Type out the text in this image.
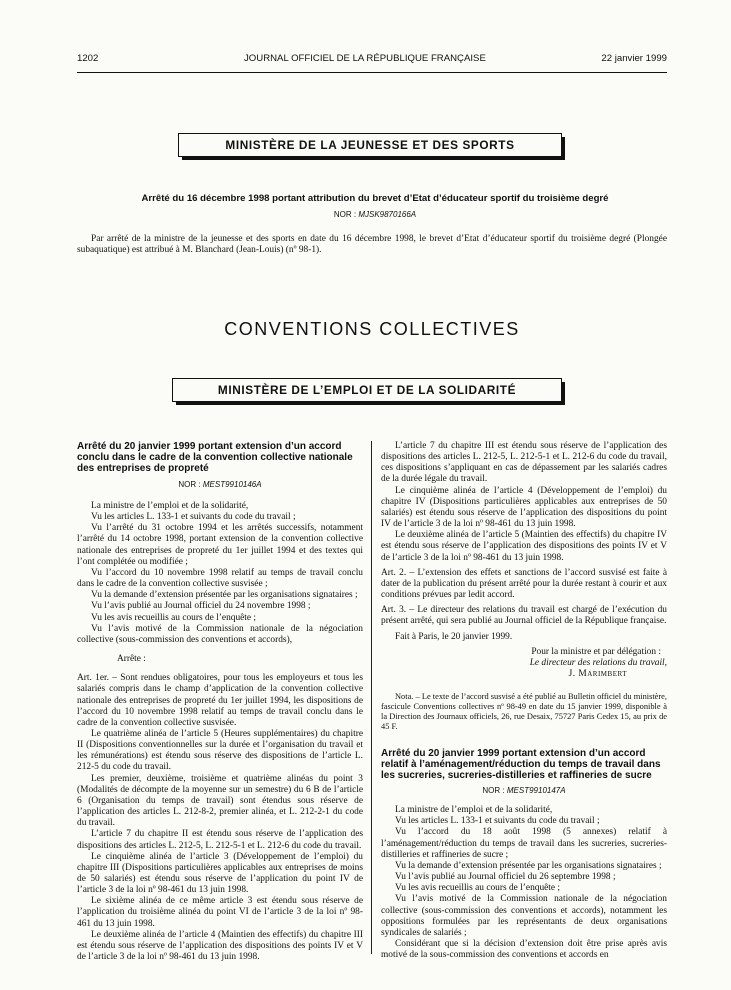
1202	JOURNAL OFFICIEL DE LA RÉPUBLIQUE FRANÇAISE	22 janvier 1999
MINISTÈRE DE LA JEUNESSE ET DES SPORTS
Arrêté du 16 décembre 1998 portant attribution du brevet d’Etat d’éducateur sportif du troisième degré
NOR : MJSK9870166A

Par arrêté de la ministre de la jeunesse et des sports en date du 16 décembre 1998, le brevet d’Etat d’éducateur sportif du troisième degré (Plongée subaquatique) est attribué à M. Blanchard (Jean-Louis) (nº 98-1).

CONVENTIONS COLLECTIVES
MINISTÈRE DE L’EMPLOI ET DE LA SOLIDARITÉ
Arrêté du 20 janvier 1999 portant extension d’un accord conclu dans le cadre de la convention collective nationale des entreprises de propreté
NOR : MEST9910146A

La ministre de l’emploi et de la solidarité,

Vu les articles L. 133-1 et suivants du code du travail ;

Vu l’arrêté du 31 octobre 1994 et les arrêtés successifs, notamment l’arrêté du 14 octobre 1998, portant extension de la convention collective nationale des entreprises de propreté du 1er juillet 1994 et des textes qui l’ont complétée ou modifiée ;

Vu l’accord du 10 novembre 1998 relatif au temps de travail conclu dans le cadre de la convention collective susvisée ;

Vu la demande d’extension présentée par les organisations signataires ;

Vu l’avis publié au Journal officiel du 24 novembre 1998 ;

Vu les avis recueillis au cours de l’enquête ;

Vu l’avis motivé de la Commission nationale de la négociation collective (sous-commission des conventions et accords),

Arrête :

Art. 1er. – Sont rendues obligatoires, pour tous les employeurs et tous les salariés compris dans le champ d’application de la convention collective nationale des entreprises de propreté du 1er juillet 1994, les dispositions de l’accord du 10 novembre 1998 relatif au temps de travail conclu dans le cadre de la convention collective susvisée.

Le quatrième alinéa de l’article 5 (Heures supplémentaires) du chapitre II (Dispositions conventionnelles sur la durée et l’organisation du travail et les rémunérations) est étendu sous réserve des dispositions de l’article L. 212-5 du code du travail.

Les premier, deuxième, troisième et quatrième alinéas du point 3 (Modalités de décompte de la moyenne sur un semestre) du 6 B de l’article 6 (Organisation du temps de travail) sont étendus sous réserve de l’application des articles L. 212-8-2, premier alinéa, et L. 212-2-1 du code du travail.

L’article 7 du chapitre II est étendu sous réserve de l’application des dispositions des articles L. 212-5, L. 212-5-1 et L. 212-6 du code du travail.

Le cinquième alinéa de l’article 3 (Développement de l’emploi) du chapitre III (Dispositions particulières applicables aux entreprises de moins de 50 salariés) est étendu sous réserve de l’application du point IV de l’article 3 de la loi nº 98-461 du 13 juin 1998.

Le sixième alinéa de ce même article 3 est étendu sous réserve de l’application du troisième alinéa du point VI de l’article 3 de la loi nº 98-461 du 13 juin 1998.

Le deuxième alinéa de l’article 4 (Maintien des effectifs) du chapitre III est étendu sous réserve de l’application des dispositions des points IV et V de l’article 3 de la loi nº 98-461 du 13 juin 1998.

L’article 7 du chapitre III est étendu sous réserve de l’application des dispositions des articles L. 212-5, L. 212-5-1 et L. 212-6 du code du travail, ces dispositions s’appliquant en cas de dépassement par les salariés cadres de la durée légale du travail.

Le cinquième alinéa de l’article 4 (Développement de l’emploi) du chapitre IV (Dispositions particulières applicables aux entreprises de 50 salariés) est étendu sous réserve de l’application des dispositions du point IV de l’article 3 de la loi nº 98-461 du 13 juin 1998.

Le deuxième alinéa de l’article 5 (Maintien des effectifs) du chapitre IV est étendu sous réserve de l’application des dispositions des points IV et V de l’article 3 de la loi nº 98-461 du 13 juin 1998.

Art. 2. – L’extension des effets et sanctions de l’accord susvisé est faite à dater de la publication du présent arrêté pour la durée restant à courir et aux conditions prévues par ledit accord.

Art. 3. – Le directeur des relations du travail est chargé de l’exécution du présent arrêté, qui sera publié au Journal officiel de la République française.

Fait à Paris, le 20 janvier 1999.

Pour la ministre et par délégation :

Le directeur des relations du travail,

J. Marimbert

Nota. – Le texte de l’accord susvisé a été publié au Bulletin officiel du ministère, fascicule Conventions collectives nº 98-49 en date du 15 janvier 1999, disponible à la Direction des Journaux officiels, 26, rue Desaix, 75727 Paris Cedex 15, au prix de 45 F.

Arrêté du 20 janvier 1999 portant extension d’un accord relatif à l’aménagement/réduction du temps de travail dans les sucreries, sucreries-distilleries et raffineries de sucre
NOR : MEST9910147A

La ministre de l’emploi et de la solidarité,

Vu les articles L. 133-1 et suivants du code du travail ;

Vu l’accord du 18 août 1998 (5 annexes) relatif à l’aménagement/réduction du temps de travail dans les sucreries, sucreries-distilleries et raffineries de sucre ;

Vu la demande d’extension présentée par les organisations signataires ;

Vu l’avis publié au Journal officiel du 26 septembre 1998 ;

Vu les avis recueillis au cours de l’enquête ;

Vu l’avis motivé de la Commission nationale de la négociation collective (sous-commission des conventions et accords), notamment les oppositions formulées par les représentants de deux organisations syndicales de salariés ;

Considérant que si la décision d’extension doit être prise après avis motivé de la sous-commission des conventions et accords en
